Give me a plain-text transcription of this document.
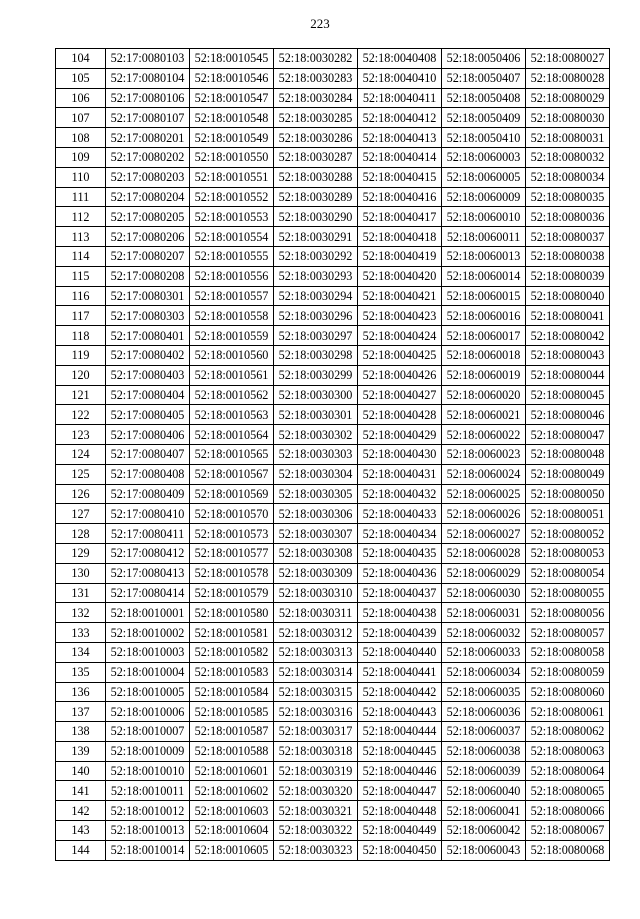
223
104	52:17:0080103	52:18:0010545	52:18:0030282	52:18:0040408	52:18:0050406	52:18:0080027
105	52:17:0080104	52:18:0010546	52:18:0030283	52:18:0040410	52:18:0050407	52:18:0080028
106	52:17:0080106	52:18:0010547	52:18:0030284	52:18:0040411	52:18:0050408	52:18:0080029
107	52:17:0080107	52:18:0010548	52:18:0030285	52:18:0040412	52:18:0050409	52:18:0080030
108	52:17:0080201	52:18:0010549	52:18:0030286	52:18:0040413	52:18:0050410	52:18:0080031
109	52:17:0080202	52:18:0010550	52:18:0030287	52:18:0040414	52:18:0060003	52:18:0080032
110	52:17:0080203	52:18:0010551	52:18:0030288	52:18:0040415	52:18:0060005	52:18:0080034
111	52:17:0080204	52:18:0010552	52:18:0030289	52:18:0040416	52:18:0060009	52:18:0080035
112	52:17:0080205	52:18:0010553	52:18:0030290	52:18:0040417	52:18:0060010	52:18:0080036
113	52:17:0080206	52:18:0010554	52:18:0030291	52:18:0040418	52:18:0060011	52:18:0080037
114	52:17:0080207	52:18:0010555	52:18:0030292	52:18:0040419	52:18:0060013	52:18:0080038
115	52:17:0080208	52:18:0010556	52:18:0030293	52:18:0040420	52:18:0060014	52:18:0080039
116	52:17:0080301	52:18:0010557	52:18:0030294	52:18:0040421	52:18:0060015	52:18:0080040
117	52:17:0080303	52:18:0010558	52:18:0030296	52:18:0040423	52:18:0060016	52:18:0080041
118	52:17:0080401	52:18:0010559	52:18:0030297	52:18:0040424	52:18:0060017	52:18:0080042
119	52:17:0080402	52:18:0010560	52:18:0030298	52:18:0040425	52:18:0060018	52:18:0080043
120	52:17:0080403	52:18:0010561	52:18:0030299	52:18:0040426	52:18:0060019	52:18:0080044
121	52:17:0080404	52:18:0010562	52:18:0030300	52:18:0040427	52:18:0060020	52:18:0080045
122	52:17:0080405	52:18:0010563	52:18:0030301	52:18:0040428	52:18:0060021	52:18:0080046
123	52:17:0080406	52:18:0010564	52:18:0030302	52:18:0040429	52:18:0060022	52:18:0080047
124	52:17:0080407	52:18:0010565	52:18:0030303	52:18:0040430	52:18:0060023	52:18:0080048
125	52:17:0080408	52:18:0010567	52:18:0030304	52:18:0040431	52:18:0060024	52:18:0080049
126	52:17:0080409	52:18:0010569	52:18:0030305	52:18:0040432	52:18:0060025	52:18:0080050
127	52:17:0080410	52:18:0010570	52:18:0030306	52:18:0040433	52:18:0060026	52:18:0080051
128	52:17:0080411	52:18:0010573	52:18:0030307	52:18:0040434	52:18:0060027	52:18:0080052
129	52:17:0080412	52:18:0010577	52:18:0030308	52:18:0040435	52:18:0060028	52:18:0080053
130	52:17:0080413	52:18:0010578	52:18:0030309	52:18:0040436	52:18:0060029	52:18:0080054
131	52:17:0080414	52:18:0010579	52:18:0030310	52:18:0040437	52:18:0060030	52:18:0080055
132	52:18:0010001	52:18:0010580	52:18:0030311	52:18:0040438	52:18:0060031	52:18:0080056
133	52:18:0010002	52:18:0010581	52:18:0030312	52:18:0040439	52:18:0060032	52:18:0080057
134	52:18:0010003	52:18:0010582	52:18:0030313	52:18:0040440	52:18:0060033	52:18:0080058
135	52:18:0010004	52:18:0010583	52:18:0030314	52:18:0040441	52:18:0060034	52:18:0080059
136	52:18:0010005	52:18:0010584	52:18:0030315	52:18:0040442	52:18:0060035	52:18:0080060
137	52:18:0010006	52:18:0010585	52:18:0030316	52:18:0040443	52:18:0060036	52:18:0080061
138	52:18:0010007	52:18:0010587	52:18:0030317	52:18:0040444	52:18:0060037	52:18:0080062
139	52:18:0010009	52:18:0010588	52:18:0030318	52:18:0040445	52:18:0060038	52:18:0080063
140	52:18:0010010	52:18:0010601	52:18:0030319	52:18:0040446	52:18:0060039	52:18:0080064
141	52:18:0010011	52:18:0010602	52:18:0030320	52:18:0040447	52:18:0060040	52:18:0080065
142	52:18:0010012	52:18:0010603	52:18:0030321	52:18:0040448	52:18:0060041	52:18:0080066
143	52:18:0010013	52:18:0010604	52:18:0030322	52:18:0040449	52:18:0060042	52:18:0080067
144	52:18:0010014	52:18:0010605	52:18:0030323	52:18:0040450	52:18:0060043	52:18:0080068
